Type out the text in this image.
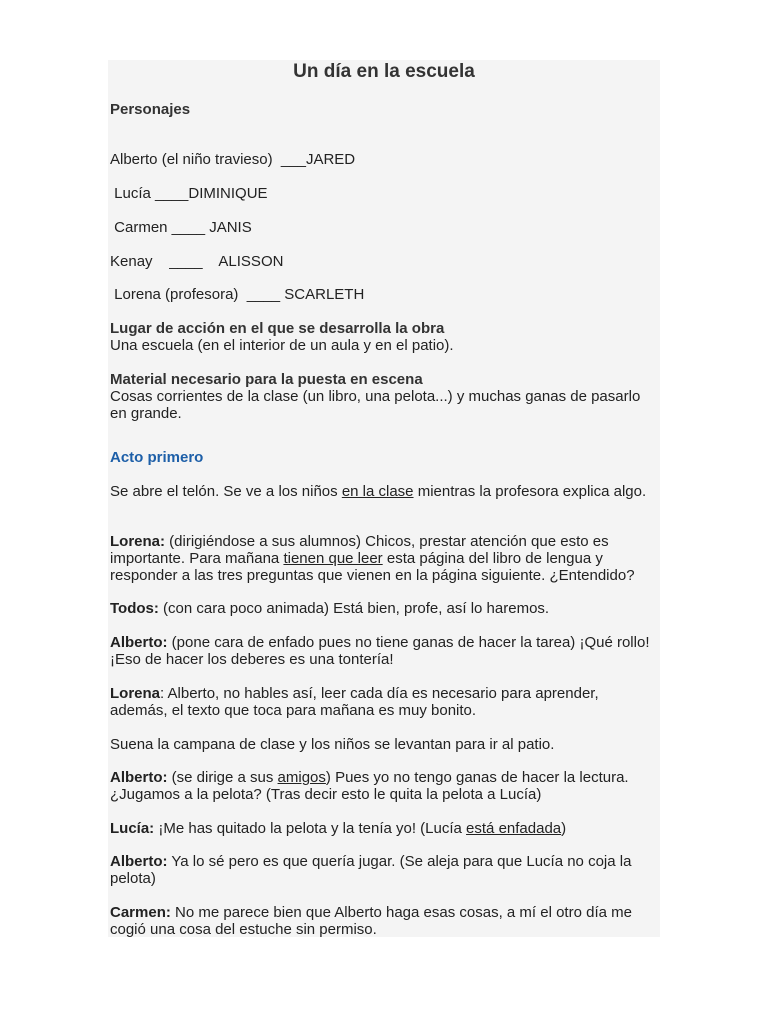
Un día en la escuela
Personajes
Alberto (el niño travieso)  ___JARED
Lucía ____DIMINIQUE
Carmen ____ JANIS
Kenay    ____    ALISSON
Lorena (profesora)  ____ SCARLETH
Lugar de acción en el que se desarrolla la obra
Una escuela (en el interior de un aula y en el patio).
Material necesario para la puesta en escena
Cosas corrientes de la clase (un libro, una pelota...) y muchas ganas de pasarlo en grande.
Acto primero
Se abre el telón. Se ve a los niños en la clase mientras la profesora explica algo.
Lorena: (dirigiéndose a sus alumnos) Chicos, prestar atención que esto es importante. Para mañana tienen que leer esta página del libro de lengua y responder a las tres preguntas que vienen en la página siguiente. ¿Entendido?
Todos: (con cara poco animada) Está bien, profe, así lo haremos.
Alberto: (pone cara de enfado pues no tiene ganas de hacer la tarea) ¡Qué rollo! ¡Eso de hacer los deberes es una tontería!
Lorena: Alberto, no hables así, leer cada día es necesario para aprender, además, el texto que toca para mañana es muy bonito.
Suena la campana de clase y los niños se levantan para ir al patio.
Alberto: (se dirige a sus amigos) Pues yo no tengo ganas de hacer la lectura. ¿Jugamos a la pelota? (Tras decir esto le quita la pelota a Lucía)
Lucía: ¡Me has quitado la pelota y la tenía yo! (Lucía está enfadada)
Alberto: Ya lo sé pero es que quería jugar. (Se aleja para que Lucía no coja la pelota)
Carmen: No me parece bien que Alberto haga esas cosas, a mí el otro día me cogió una cosa del estuche sin permiso.
